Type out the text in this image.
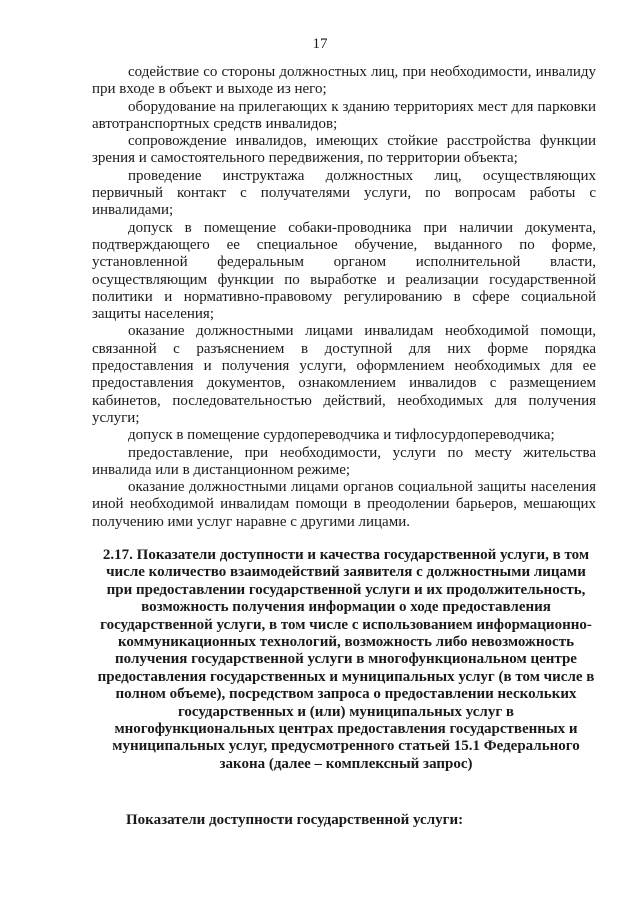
17

содействие со стороны должностных лиц, при необходимости, инвалиду при входе в объект и выходе из него;

оборудование на прилегающих к зданию территориях мест для парковки автотранспортных средств инвалидов;

сопровождение инвалидов, имеющих стойкие расстройства функции зрения и самостоятельного передвижения, по территории объекта;

проведение инструктажа должностных лиц, осуществляющих первичный контакт с получателями услуги, по вопросам работы с инвалидами;

допуск в помещение собаки-проводника при наличии документа, подтверждающего ее специальное обучение, выданного по форме, установленной федеральным органом исполнительной власти, осуществляющим функции по выработке и реализации государственной политики и нормативно-правовому регулированию в сфере социальной защиты населения;

оказание должностными лицами инвалидам необходимой помощи, связанной с разъяснением в доступной для них форме порядка предоставления и получения услуги, оформлением необходимых для ее предоставления документов, ознакомлением инвалидов с размещением кабинетов, последовательностью действий, необходимых для получения услуги;

допуск в помещение сурдопереводчика и тифлосурдопереводчика;

предоставление, при необходимости, услуги по месту жительства инвалида или в дистанционном режиме;

оказание должностными лицами органов социальной защиты населения иной необходимой инвалидам помощи в преодолении барьеров, мешающих получению ими услуг наравне с другими лицами.

2.17. Показатели доступности и качества государственной услуги, в том числе количество взаимодействий заявителя с должностными лицами при предоставлении государственной услуги и их продолжительность, возможность получения информации о ходе предоставления государственной услуги, в том числе с использованием информационно-коммуникационных технологий, возможность либо невозможность получения государственной услуги в многофункциональном центре предоставления государственных и муниципальных услуг (в том числе в полном объеме), посредством запроса о предоставлении нескольких государственных и (или) муниципальных услуг в многофункциональных центрах предоставления государственных и муниципальных услуг, предусмотренного статьей 15.1 Федерального закона (далее – комплексный запрос)

Показатели доступности государственной услуги:
